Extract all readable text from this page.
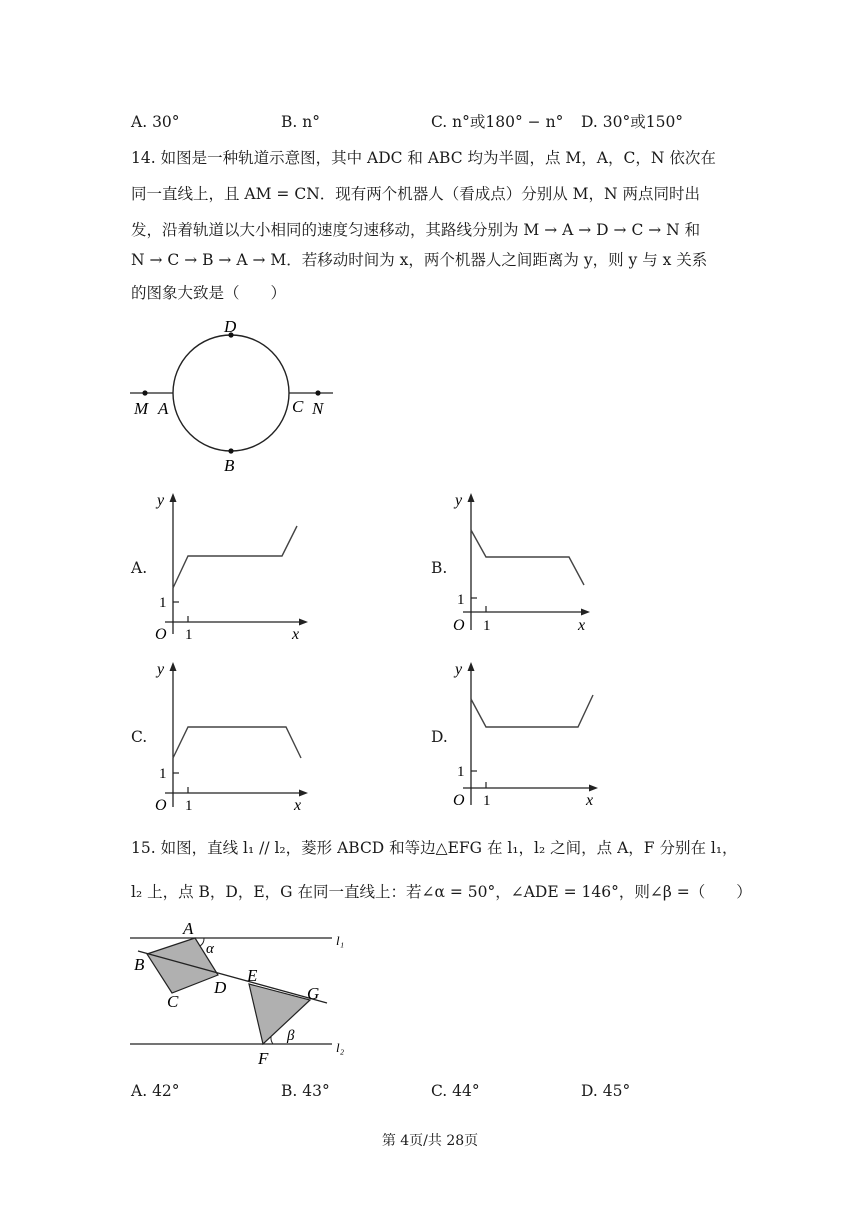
A. 30°	B. n°	C. n°或180° − n° D. 30°或150°
14. 如图是一种轨道示意图，其中 ADC 和 ABC 均为半圆，点 M，A，C，N 依次在
同一直线上，且 AM = CN．现有两个机器人（看成点）分别从 M，N 两点同时出
发，沿着轨道以大小相同的速度匀速移动，其路线分别为 M → A → D → C → N 和
N → C → B → A → M．若移动时间为 x，两个机器人之间距离为 y，则 y 与 x 关系
的图象大致是（　　）
D
B
M A	C N
A.
y
O
1
1	x
B.
y
O
1
1	x
C.
y
O
1
1	x
D.
y
O
1
1	x
15. 如图，直线 l₁ // l₂，菱形 ABCD 和等边△EFG 在 l₁，l₂ 之间，点 A，F 分别在 l₁，
l₂ 上，点 B，D，E，G 在同一直线上：若∠α = 50°，∠ADE = 146°，则∠β =（　　）
A
B
C
D
E
G
F
α
β
l₁
l₂
A. 42°	B. 43°	C. 44°	D. 45°
第 4页/共 28页
